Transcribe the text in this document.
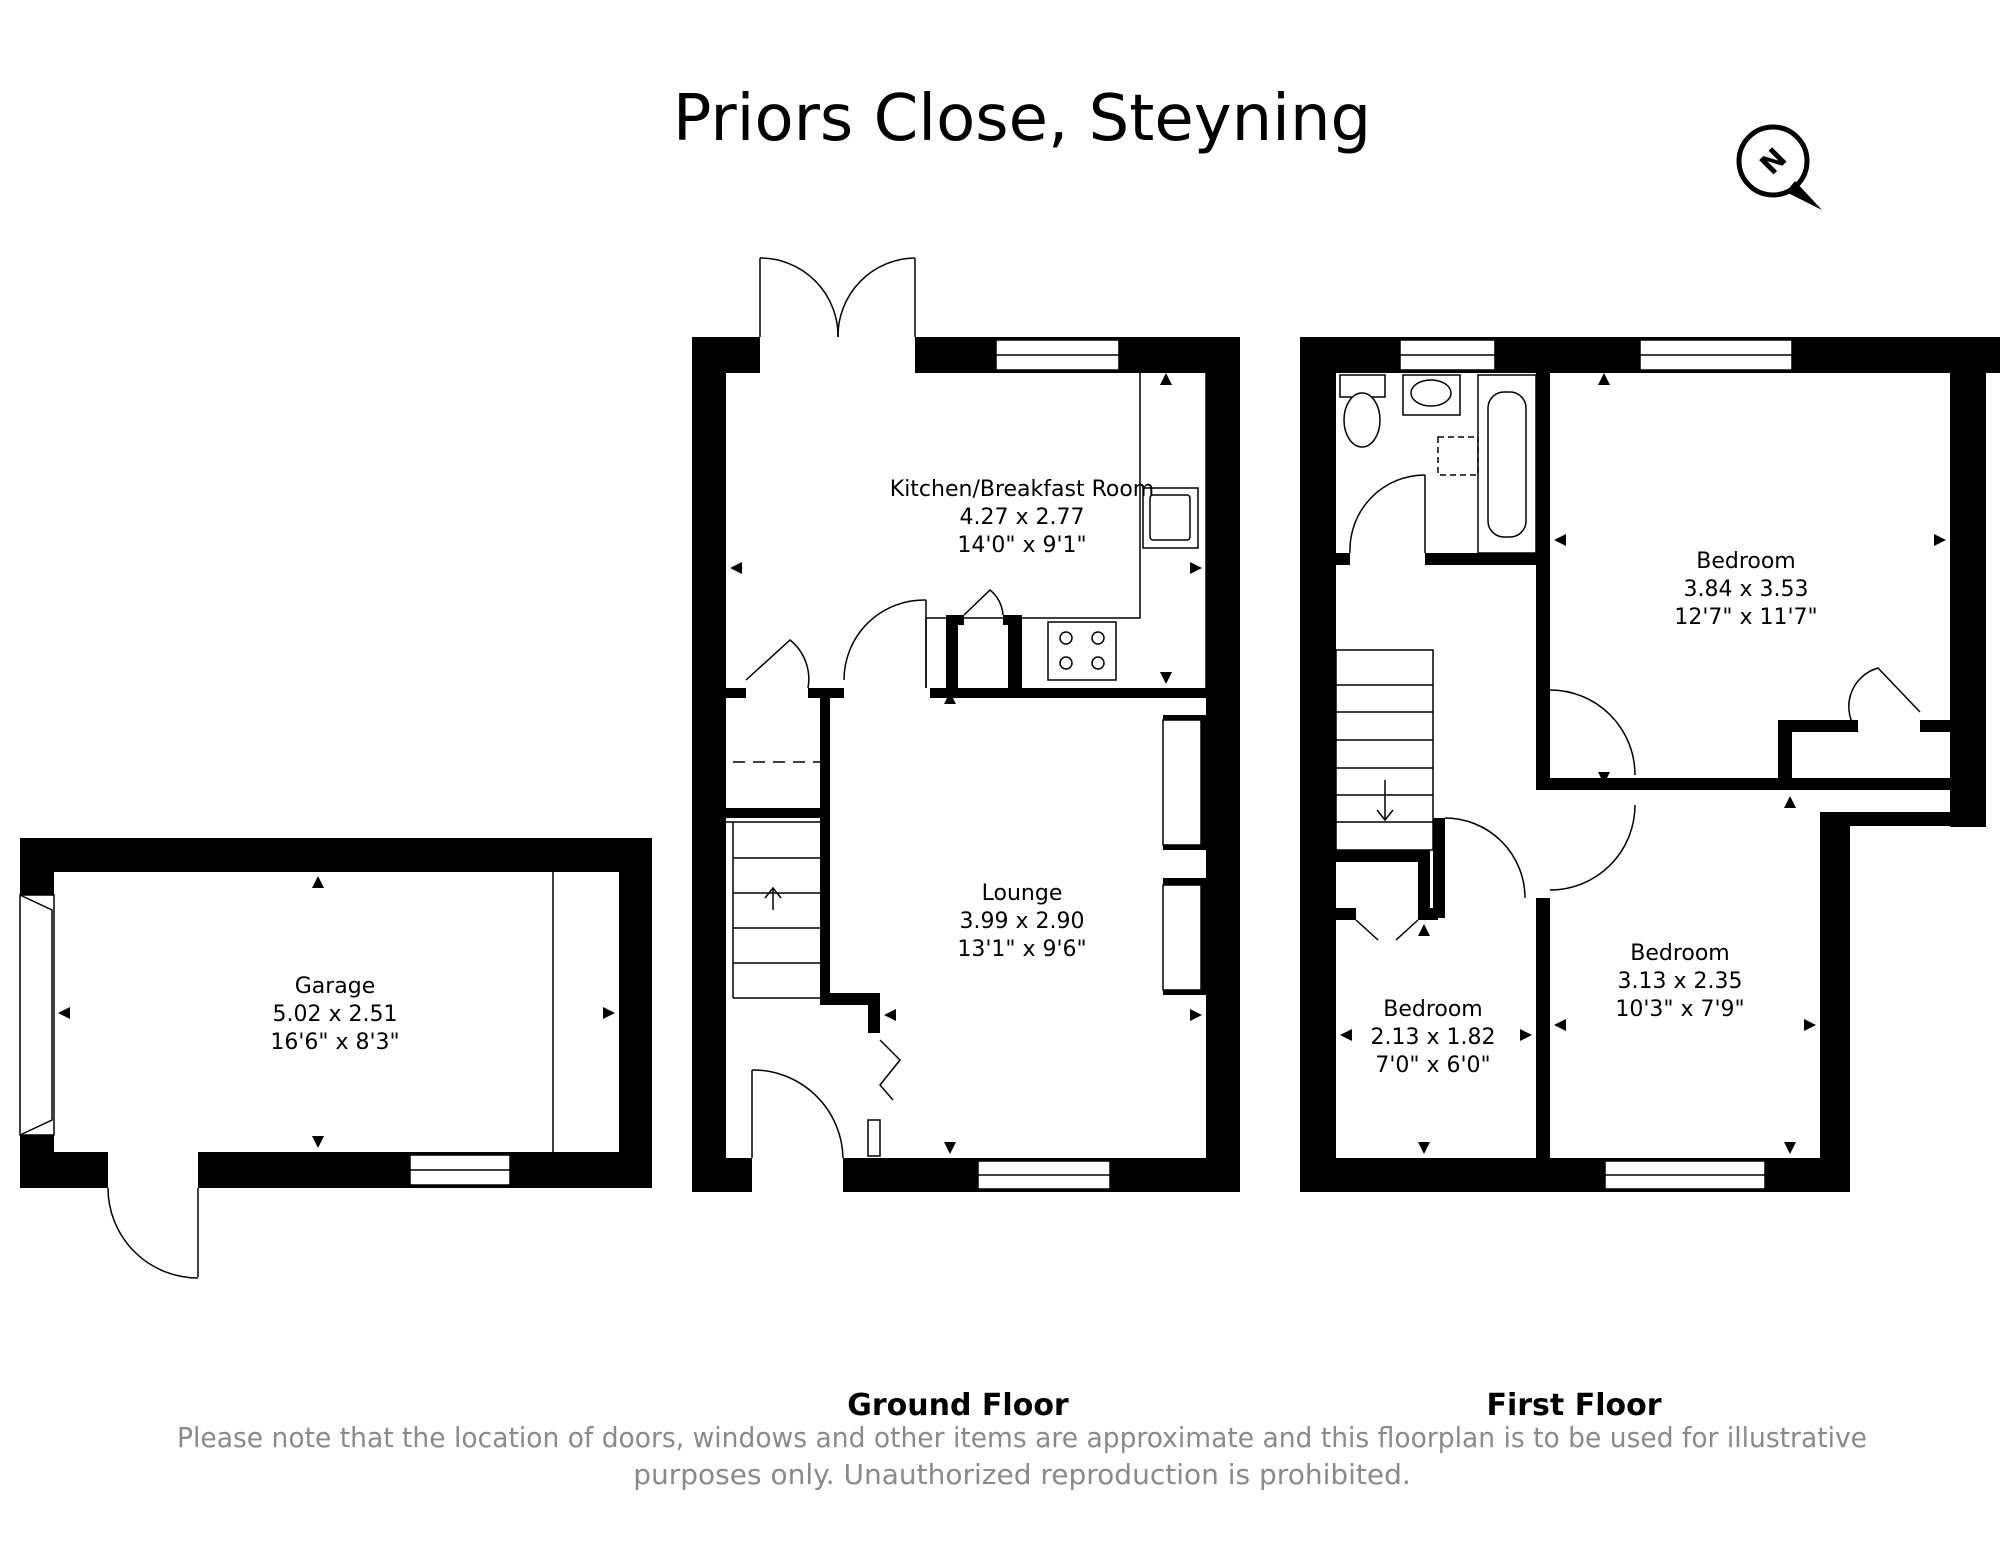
Priors Close, Steyning
N
Garage
5.02 x 2.51
16'6" x 8'3"
Kitchen/Breakfast Room
4.27 x 2.77
14'0" x 9'1"
Lounge
3.99 x 2.90
13'1" x 9'6"
Bedroom
3.84 x 3.53
12'7" x 11'7"
Bedroom
3.13 x 2.35
10'3" x 7'9"
Bedroom
2.13 x 1.82
7'0" x 6'0"
Ground Floor	First Floor
Please note that the location of doors, windows and other items are approximate and this floorplan is to be used for illustrative
purposes only. Unauthorized reproduction is prohibited.
